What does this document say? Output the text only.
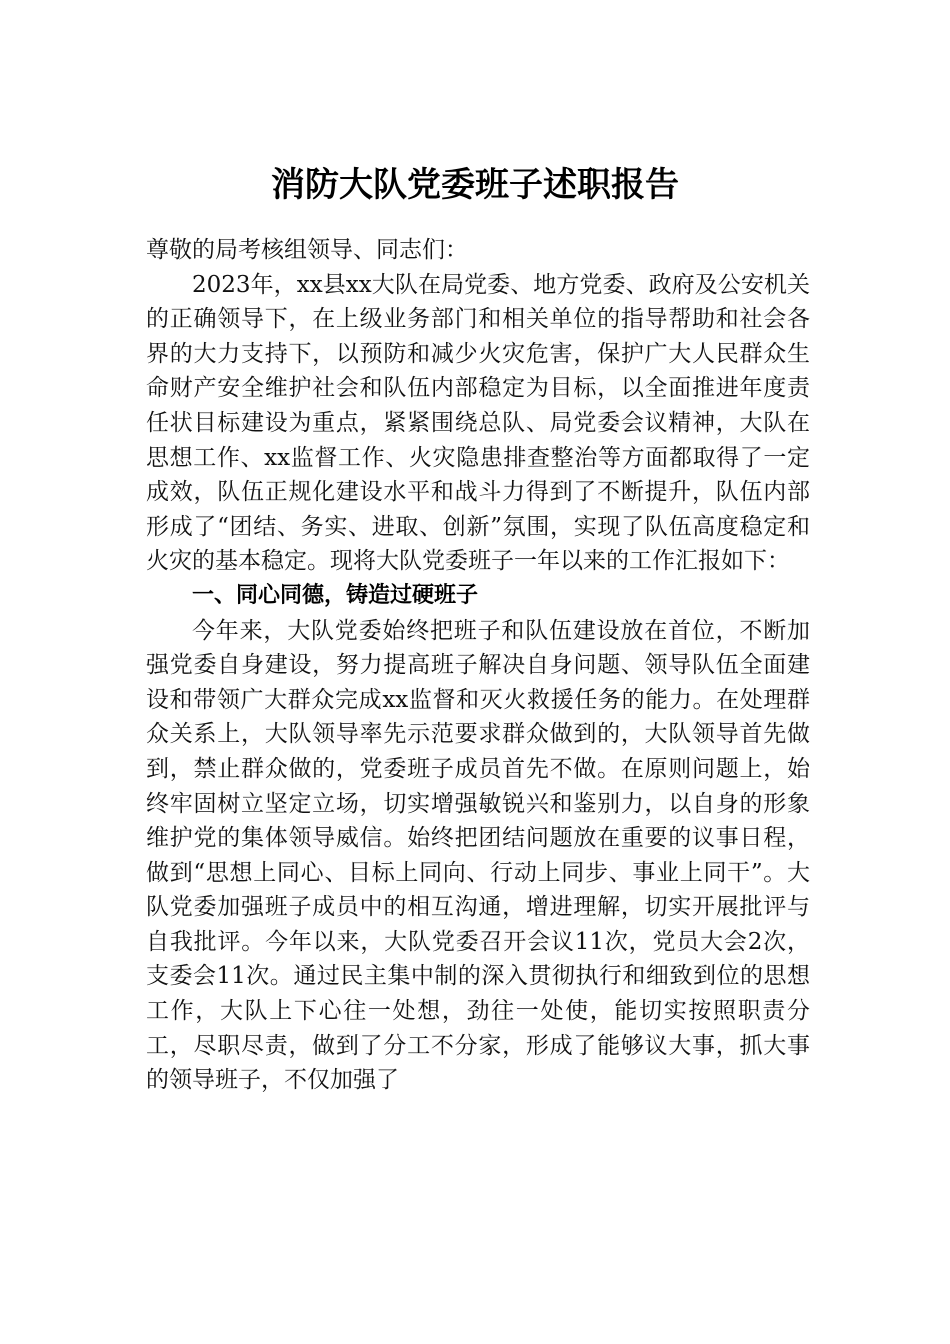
消防大队党委班子述职报告

尊敬的局考核组领导、同志们：

2023年，xx县xx大队在局党委、地方党委、政府及公安机关的正确领导下，在上级业务部门和相关单位的指导帮助和社会各界的大力支持下，以预防和减少火灾危害，保护广大人民群众生命财产安全维护社会和队伍内部稳定为目标，以全面推进年度责任状目标建设为重点，紧紧围绕总队、局党委会议精神，大队在思想工作、xx监督工作、火灾隐患排查整治等方面都取得了一定成效，队伍正规化建设水平和战斗力得到了不断提升，队伍内部形成了“团结、务实、进取、创新”氛围，实现了队伍高度稳定和火灾的基本稳定。现将大队党委班子一年以来的工作汇报如下：

一、同心同德，铸造过硬班子

今年来，大队党委始终把班子和队伍建设放在首位，不断加强党委自身建设，努力提高班子解决自身问题、领导队伍全面建设和带领广大群众完成xx监督和灭火救援任务的能力。在处理群众关系上，大队领导率先示范要求群众做到的，大队领导首先做到，禁止群众做的，党委班子成员首先不做。在原则问题上，始终牢固树立坚定立场，切实增强敏锐兴和鉴别力，以自身的形象维护党的集体领导威信。始终把团结问题放在重要的议事日程，做到“思想上同心、目标上同向、行动上同步、事业上同干”。大队党委加强班子成员中的相互沟通，增进理解，切实开展批评与自我批评。今年以来，大队党委召开会议11次，党员大会2次，支委会11次。通过民主集中制的深入贯彻执行和细致到位的思想工作，大队上下心往一处想，劲往一处使，能切实按照职责分工，尽职尽责，做到了分工不分家，形成了能够议大事，抓大事的领导班子，不仅加强了
